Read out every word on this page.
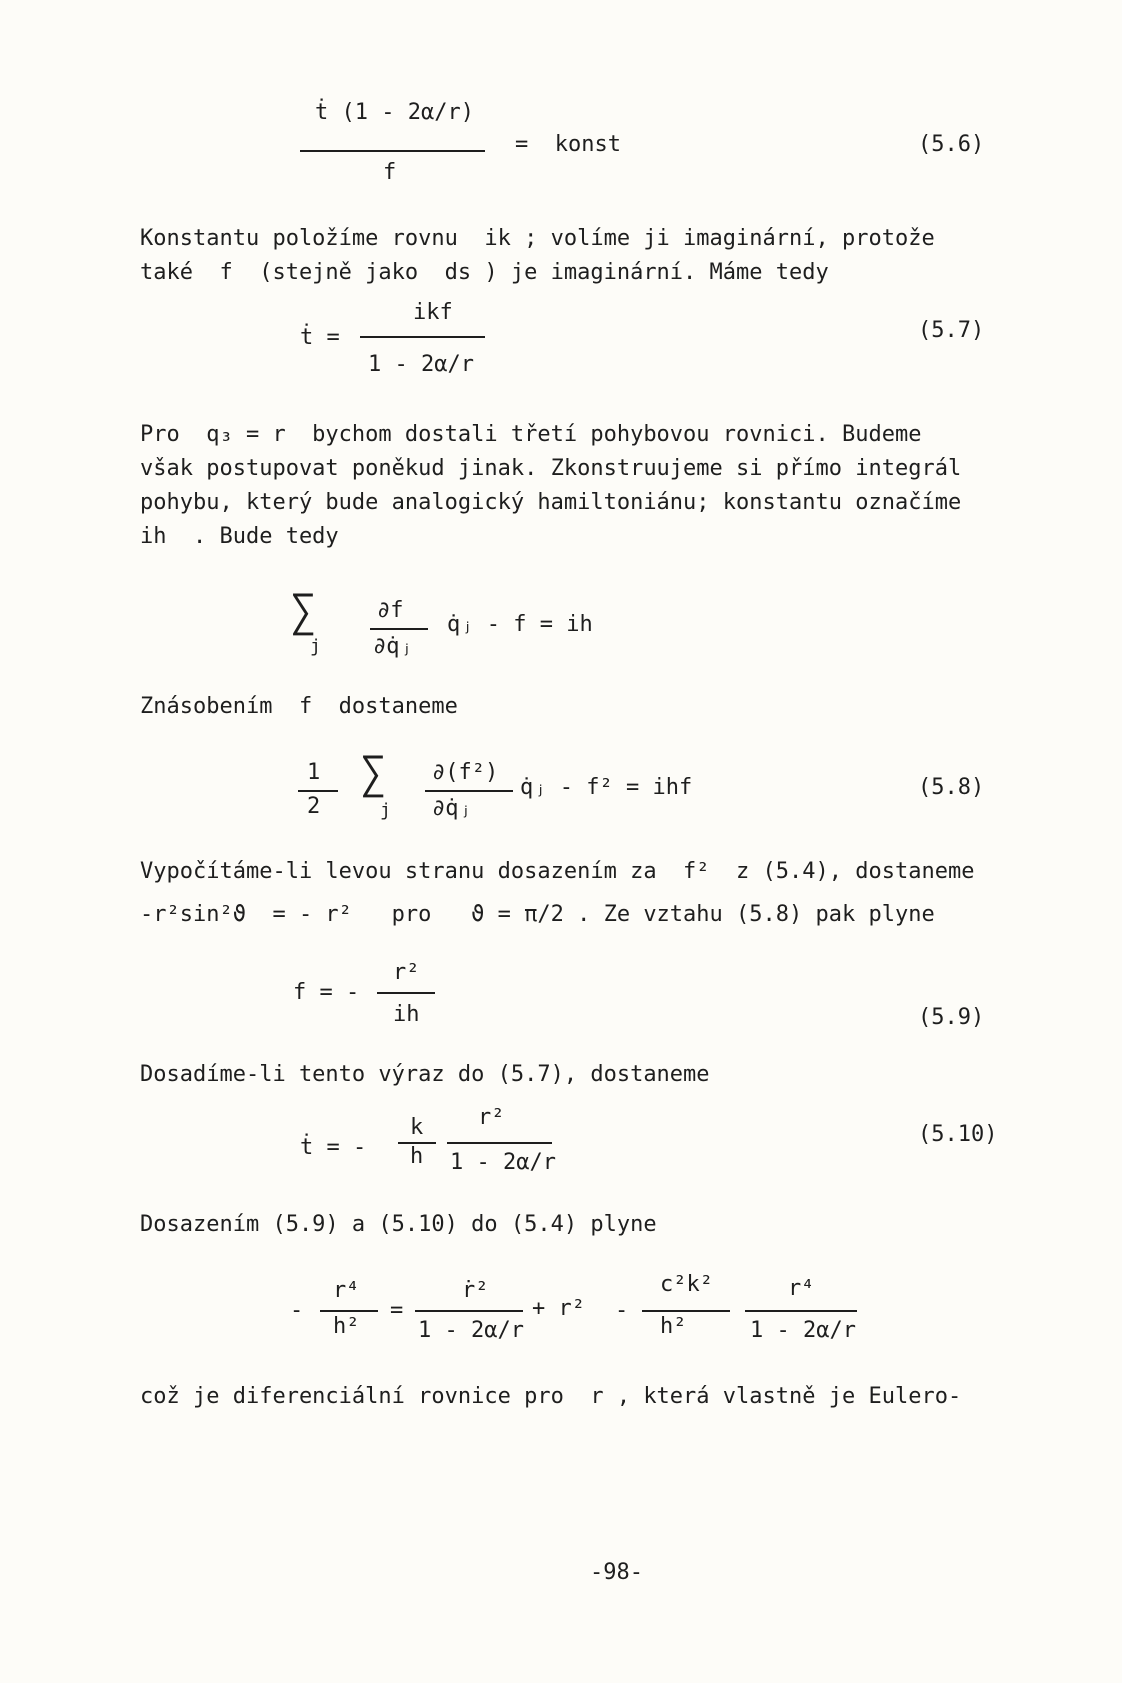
ṫ (1 - 2α/r)
f
=  konst	(5.6)
Konstantu položíme rovnu  ik ; volíme ji imaginární, protože
také  f  (stejně jako  ds ) je imaginární. Máme tedy
ṫ =
ikf
1 - 2α/r
(5.7)
Pro  q₃ = r  bychom dostali třetí pohybovou rovnici. Budeme
však postupovat poněkud jinak. Zkonstruujeme si přímo integrál
pohybu, který bude analogický hamiltoniánu; konstantu označíme
ih  . Bude tedy
∑
j
∂f
∂q̇ⱼ
q̇ⱼ - f = ih
Znásobením  f  dostaneme
1
2
∑
j
∂(f²)
∂q̇ⱼ
q̇ⱼ - f² = ihf	(5.8)
Vypočítáme-li levou stranu dosazením za  f²  z (5.4), dostaneme
-r²sin²ϑ  = - r²   pro   ϑ = π/2 . Ze vztahu (5.8) pak plyne
f = -
r²
ih	(5.9)
Dosadíme-li tento výraz do (5.7), dostaneme
ṫ = -
k
h
r²
1 - 2α/r
(5.10)
Dosazením (5.9) a (5.10) do (5.4) plyne
-
r⁴
h²
=
ṙ²
1 - 2α/r
+ r² -
c²k²
h²
r⁴
1 - 2α/r
což je diferenciální rovnice pro  r , která vlastně je Eulero-
-98-
